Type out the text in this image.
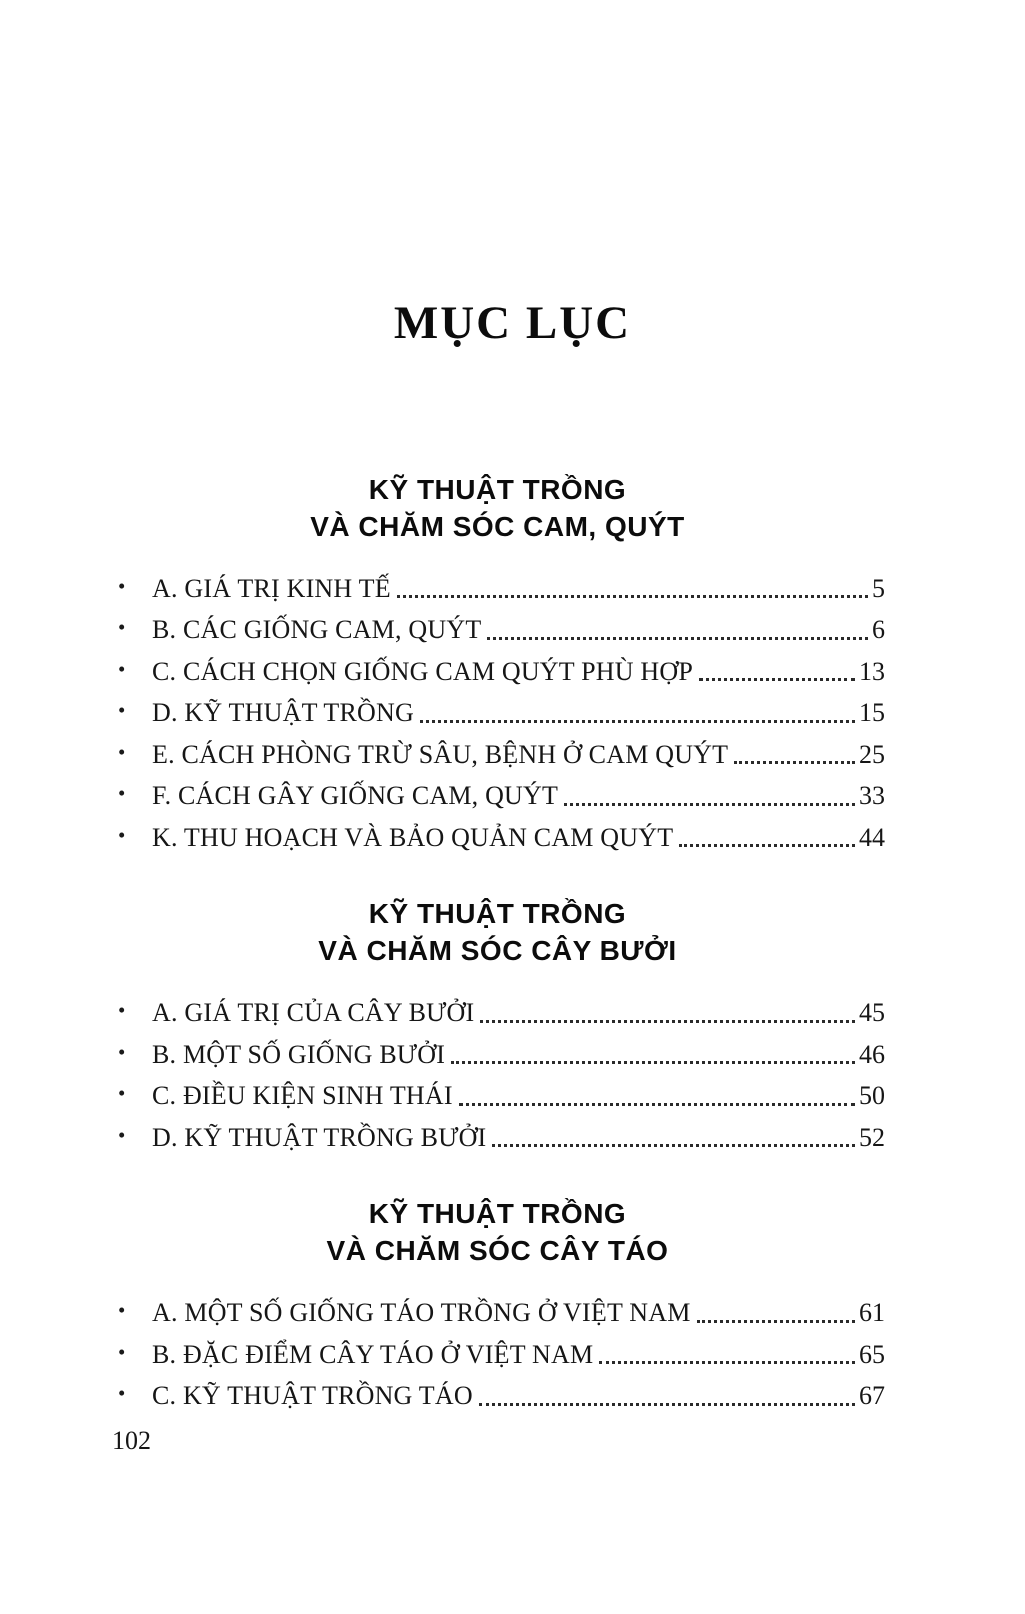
MỤC LỤC
KỸ THUẬT TRỒNG
VÀ CHĂM SÓC CAM, QUÝT
•	A. GIÁ TRỊ KINH TẾ	5
•	B. CÁC GIỐNG CAM, QUÝT	6
•	C. CÁCH CHỌN GIỐNG CAM QUÝT PHÙ HỢP	13
•	D. KỸ THUẬT TRỒNG	15
•	E. CÁCH PHÒNG TRỪ SÂU, BỆNH Ở CAM QUÝT	25
•	F. CÁCH GÂY GIỐNG CAM, QUÝT	33
•	K. THU HOẠCH VÀ BẢO QUẢN CAM QUÝT	44
KỸ THUẬT TRỒNG
VÀ CHĂM SÓC CÂY BƯỞI
•	A. GIÁ TRỊ CỦA CÂY BƯỞI	45
•	B. MỘT SỐ GIỐNG BƯỞI	46
•	C. ĐIỀU KIỆN SINH THÁI	50
•	D. KỸ THUẬT TRỒNG BƯỞI	52
KỸ THUẬT TRỒNG
VÀ CHĂM SÓC CÂY TÁO
•	A. MỘT SỐ GIỐNG TÁO TRỒNG Ở VIỆT NAM	61
•	B. ĐẶC ĐIỂM CÂY TÁO Ở VIỆT NAM	65
•	C. KỸ THUẬT TRỒNG TÁO	67
102
